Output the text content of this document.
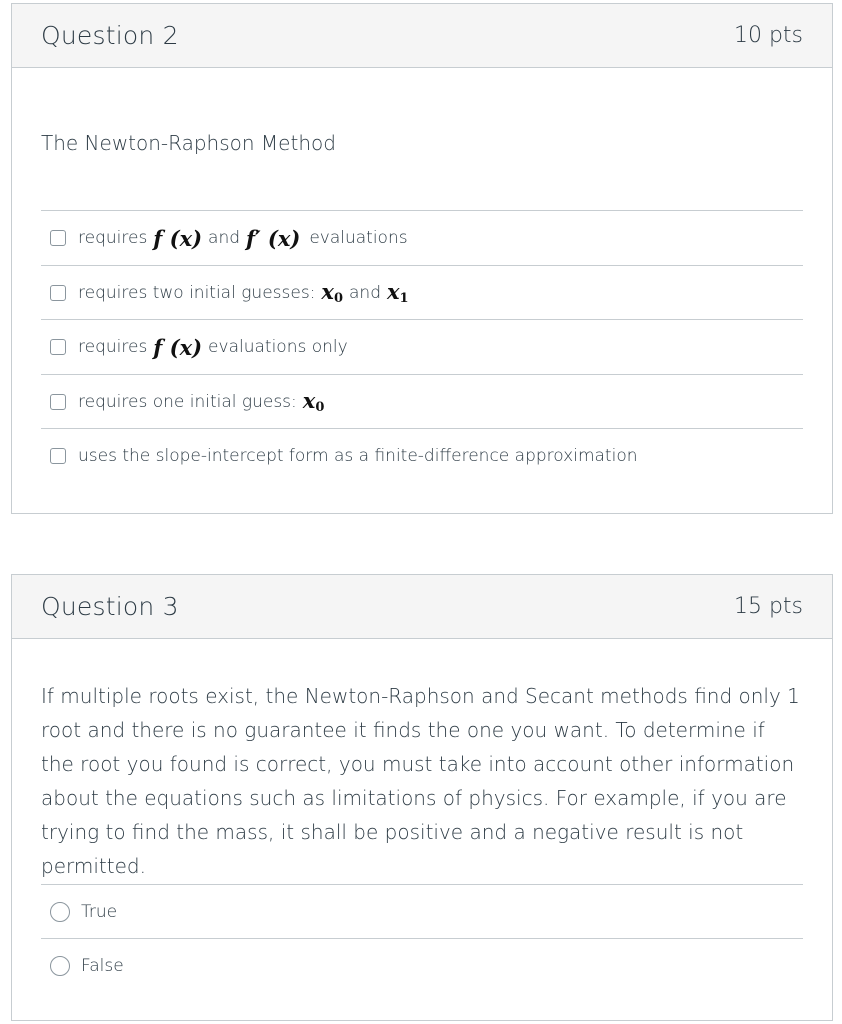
Question 2	10 pts
The Newton-Raphson Method
requires f (x) and f′ (x) evaluations
requires two initial guesses: $x_0$ and $x_1$
requires f (x) evaluations only
requires one initial guess: $x_0$
uses the slope-intercept form as a finite-difference approximation
Question 3	15 pts
If multiple roots exist, the Newton-Raphson and Secant methods find only 1 root and there is no guarantee it finds the one you want. To determine if the root you found is correct, you must take into account other information about the equations such as limitations of physics. For example, if you are trying to find the mass, it shall be positive and a negative result is not permitted.
True
False
